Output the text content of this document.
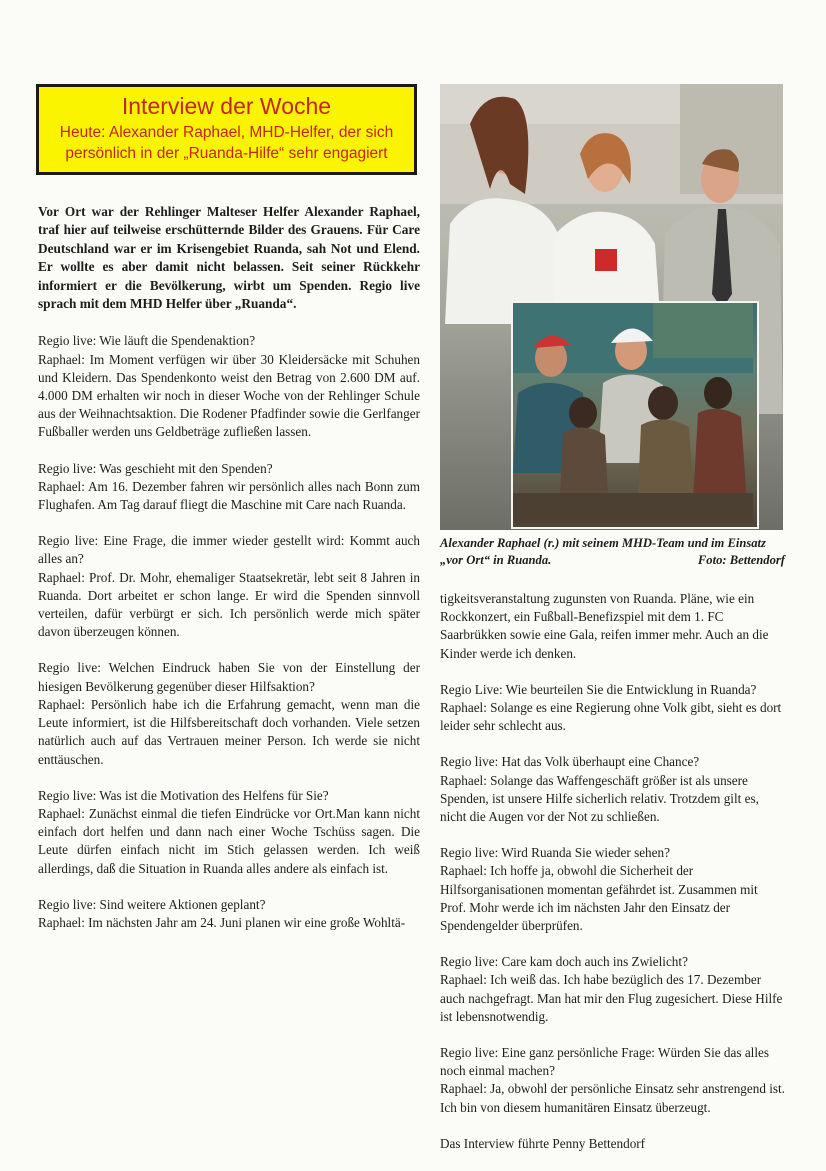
Interview der Woche
Heute: Alexander Raphael, MHD-Helfer, der sich
persönlich in der „Ruanda-Hilfe“ sehr engagiert

Vor Ort war der Rehlinger Malteser Helfer Alexander Raphael, traf hier auf teilweise erschütternde Bilder des Grauens. Für Care Deutschland war er im Krisengebiet Ruanda, sah Not und Elend. Er wollte es aber damit nicht belassen. Seit seiner Rückkehr informiert er die Bevölkerung, wirbt um Spenden. Regio live sprach mit dem MHD Helfer über „Ruanda“.

Regio live: Wie läuft die Spendenaktion?
Raphael: Im Moment verfügen wir über 30 Kleidersäcke mit Schuhen und Kleidern. Das Spendenkonto weist den Betrag von 2.600 DM auf. 4.000 DM erhalten wir noch in dieser Woche von der Rehlinger Schule aus der Weihnachtsaktion. Die Rodener Pfadfinder sowie die Gerlfanger Fußballer werden uns Geldbeträge zufließen lassen.
Regio live: Was geschieht mit den Spenden?
Raphael: Am 16. Dezember fahren wir persönlich alles nach Bonn zum Flughafen. Am Tag darauf fliegt die Maschine mit Care nach Ruanda.
Regio live: Eine Frage, die immer wieder gestellt wird: Kommt auch alles an?
Raphael: Prof. Dr. Mohr, ehemaliger Staatsekretär, lebt seit 8 Jahren in Ruanda. Dort arbeitet er schon lange. Er wird die Spenden sinnvoll verteilen, dafür verbürgt er sich. Ich persönlich werde mich später davon überzeugen können.
Regio live: Welchen Eindruck haben Sie von der Einstellung der hiesigen Bevölkerung gegenüber dieser Hilfsaktion?
Raphael: Persönlich habe ich die Erfahrung gemacht, wenn man die Leute informiert, ist die Hilfsbereitschaft doch vorhanden. Viele setzen natürlich auch auf das Vertrauen meiner Person. Ich werde sie nicht enttäuschen.
Regio live: Was ist die Motivation des Helfens für Sie?
Raphael: Zunächst einmal die tiefen Eindrücke vor Ort.Man kann nicht einfach dort helfen und dann nach einer Woche Tschüss sagen. Die Leute dürfen einfach nicht im Stich gelassen werden. Ich weiß allerdings, daß die Situation in Ruanda alles andere als einfach ist.
Regio live: Sind weitere Aktionen geplant?
Raphael: Im nächsten Jahr am 24. Juni planen wir eine große Wohltä-
Alexander Raphael (r.) mit seinem MHD-Team und im Einsatz „vor Ort“ in Ruanda.	Foto: Bettendorf
tigkeitsveranstaltung zugunsten von Ruanda. Pläne, wie ein Rockkonzert, ein Fußball-Benefizspiel mit dem 1. FC Saarbrükken sowie eine Gala, reifen immer mehr. Auch an die Kinder werde ich denken.
Regio Live: Wie beurteilen Sie die Entwicklung in Ruanda?
Raphael: Solange es eine Regierung ohne Volk gibt, sieht es dort leider sehr schlecht aus.
Regio live: Hat das Volk überhaupt eine Chance?
Raphael: Solange das Waffengeschäft größer ist als unsere Spenden, ist unsere Hilfe sicherlich relativ. Trotzdem gilt es, nicht die Augen vor der Not zu schließen.
Regio live: Wird Ruanda Sie wieder sehen?
Raphael: Ich hoffe ja, obwohl die Sicherheit der Hilfsorganisationen momentan gefährdet ist. Zusammen mit Prof. Mohr werde ich im nächsten Jahr den Einsatz der Spendengelder überprüfen.
Regio live: Care kam doch auch ins Zwielicht?
Raphael: Ich weiß das. Ich habe bezüglich des 17. Dezember auch nachgefragt. Man hat mir den Flug zugesichert. Diese Hilfe ist lebensnotwendig.
Regio live: Eine ganz persönliche Frage: Würden Sie das alles noch einmal machen?
Raphael: Ja, obwohl der persönliche Einsatz sehr anstrengend ist. Ich bin von diesem humanitären Einsatz überzeugt.
Das Interview führte Penny Bettendorf
